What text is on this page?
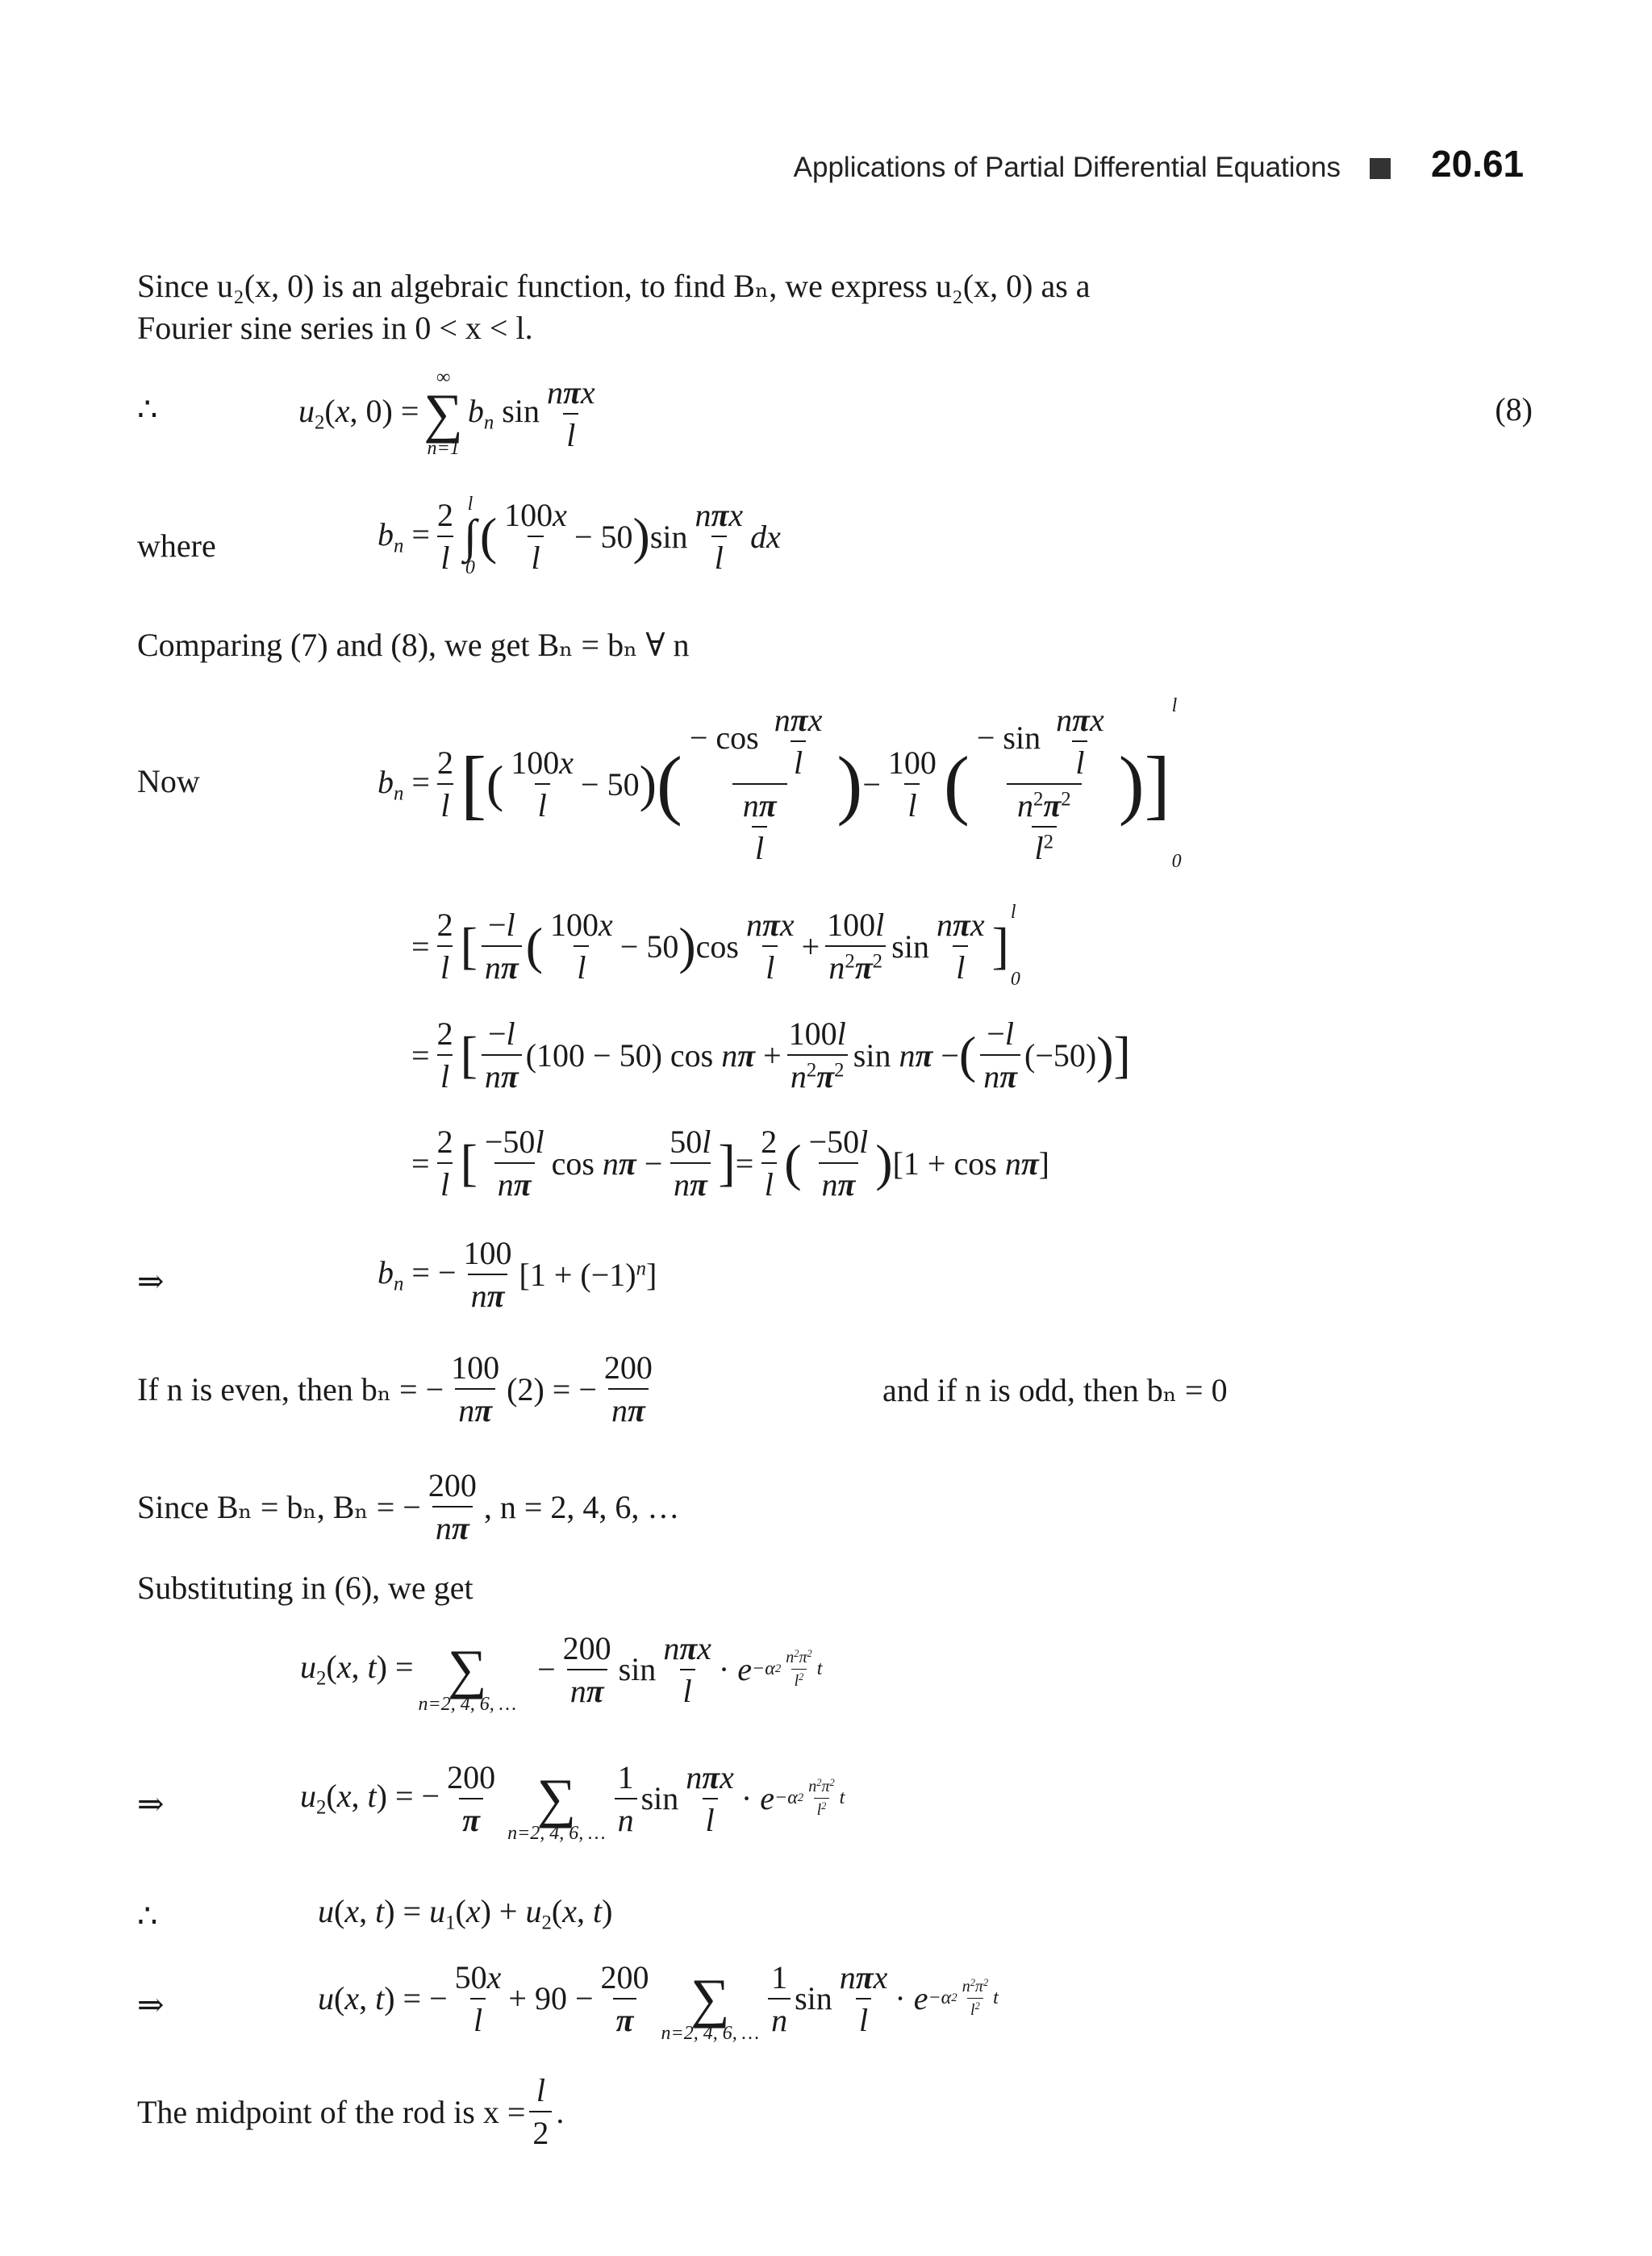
Applications of Partial Differential Equations 20.61
Since u₂(x, 0) is an algebraic function, to find Bₙ, we express u₂(x, 0) as a
Fourier sine series in 0 < x < l.
∴	$u_2(x$, 0) =
∞
∑
n=1
$b_n$ $\sin \frac{\text{nπx}}{l}$	(8)
where	$b_n = \frac{2}{l}$ l
∫
0
( $\frac{100x}{l} - 50$ ) $\sin \frac{\text{nπx}}{l}$ dx
Comparing (7) and (8), we get Bₙ = bₙ ∀ n
Now	$b_n = \frac{2}{l}$ [ ( $\frac{100x}{l} - 50$ ) ( $\frac{- \cos \frac{\text{nπx}}{l}}{\frac{n\pi}{l}}$ ) − $\frac{100}{l}$ ( $\frac{- \sin \frac{\text{nπx}}{l}}{\frac{n^2\pi^2}{l^2}}$ ) ]
l
0
= $\frac{2}{l}$ [ $\frac{-l}{n\pi}$ ( $\frac{100x}{l} - 50$ ) $\cos \frac{\text{nπx}}{l} + \frac{100l}{n^2\pi^2}$ $\sin \frac{\text{nπx}}{l}$ ]
l
0
= $\frac{2}{l}$ [ $\frac{-l}{n\pi} (100 - 50)$ $\cos n\pi + \frac{100l}{n^2\pi^2}$ sin nπ − ( $\frac{-l}{n\pi} (-50)$ ) ]
= $\frac{2}{l}$ [ $\frac{-50l}{n\pi}$ $\cos n\pi - \frac{50l}{n\pi}$ ] = $\frac{2}{l}$ ( $\frac{-50l}{n\pi}$ ) [1 + cos nπ]
⇒	$b_n$ = − $\frac{100}{n\pi} [1 + (-1)^n]$
If n is even, then bₙ = − $\frac{100}{n\pi} (2)$ = − $\frac{200}{n\pi}$	and if n is odd, then bₙ = 0
Since Bₙ = bₙ, Bₙ = − $\frac{200}{n\pi}$ , n = 2, 4, 6, …
Substituting in (6), we get
$u_2(x$, t) =
∑
n=2, 4, 6, …
− $\frac{200}{n\pi}$ $\sin \frac{\text{nπx}}{l} \cdot e -\alpha$ $2 \frac{n^2\pi^2}{l^2}$ t
⇒	$u_2(x$, t) = − $\frac{200}{\pi}$
∑
n=2, 4, 6, … $\frac{1}{n}$ $\sin \frac{\text{nπx}}{l} \cdot e -\alpha$ $2 \frac{n^2\pi^2}{l^2}$ t
∴	u(x, $t) = u_1(x) + u_2(x$, t)
⇒	u(x, t) = − $\frac{50x}{l} + 90 - \frac{200}{\pi}$
∑
n=2, 4, 6, … $\frac{1}{n}$ $\sin \frac{\text{nπx}}{l} \cdot e -\alpha$ $2 \frac{n^2\pi^2}{l^2}$ t
The midpoint of the rod is $x = \frac{l}{2}$ .
